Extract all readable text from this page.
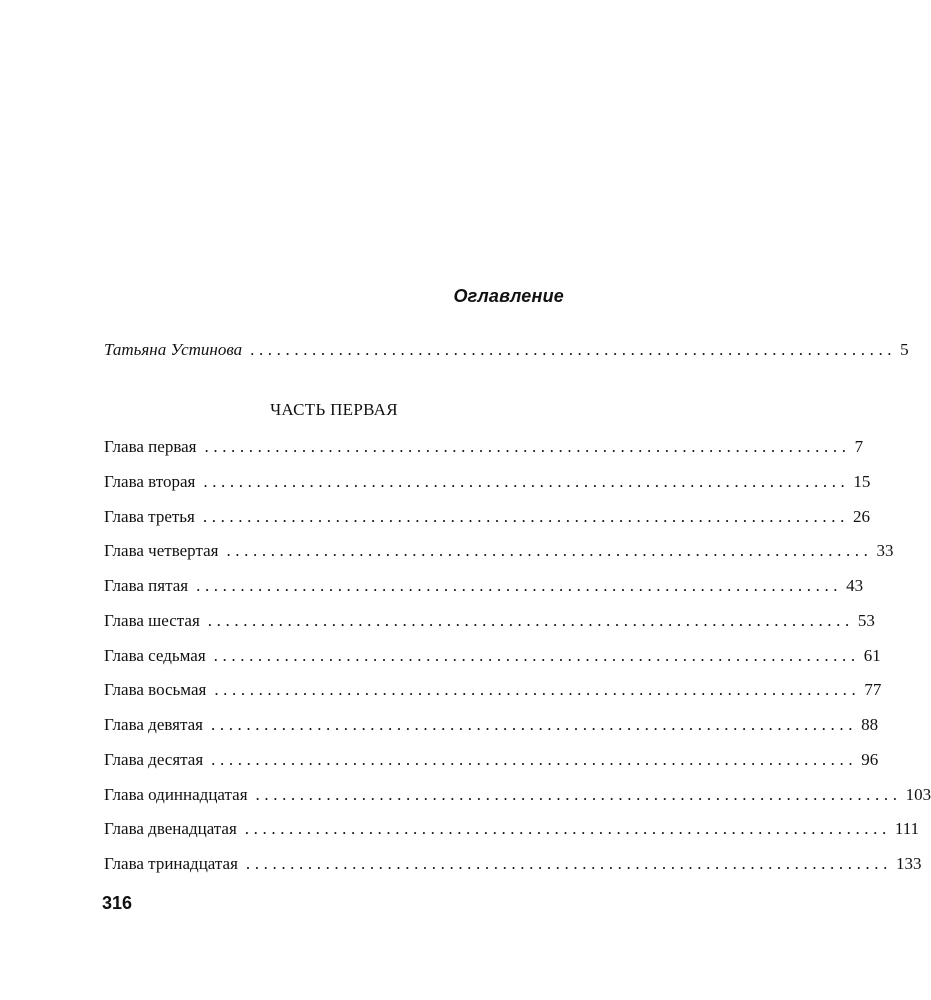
Оглавление
Татьяна Устинова ......................................................................... 5
ЧАСТЬ ПЕРВАЯ
Глава первая ......................................................................... 7
Глава вторая ......................................................................... 15
Глава третья ......................................................................... 26
Глава четвертая ......................................................................... 33
Глава пятая ......................................................................... 43
Глава шестая ......................................................................... 53
Глава седьмая ......................................................................... 61
Глава восьмая ......................................................................... 77
Глава девятая ......................................................................... 88
Глава десятая ......................................................................... 96
Глава одиннадцатая ......................................................................... 103
Глава двенадцатая ......................................................................... 111
Глава тринадцатая ......................................................................... 133
316
